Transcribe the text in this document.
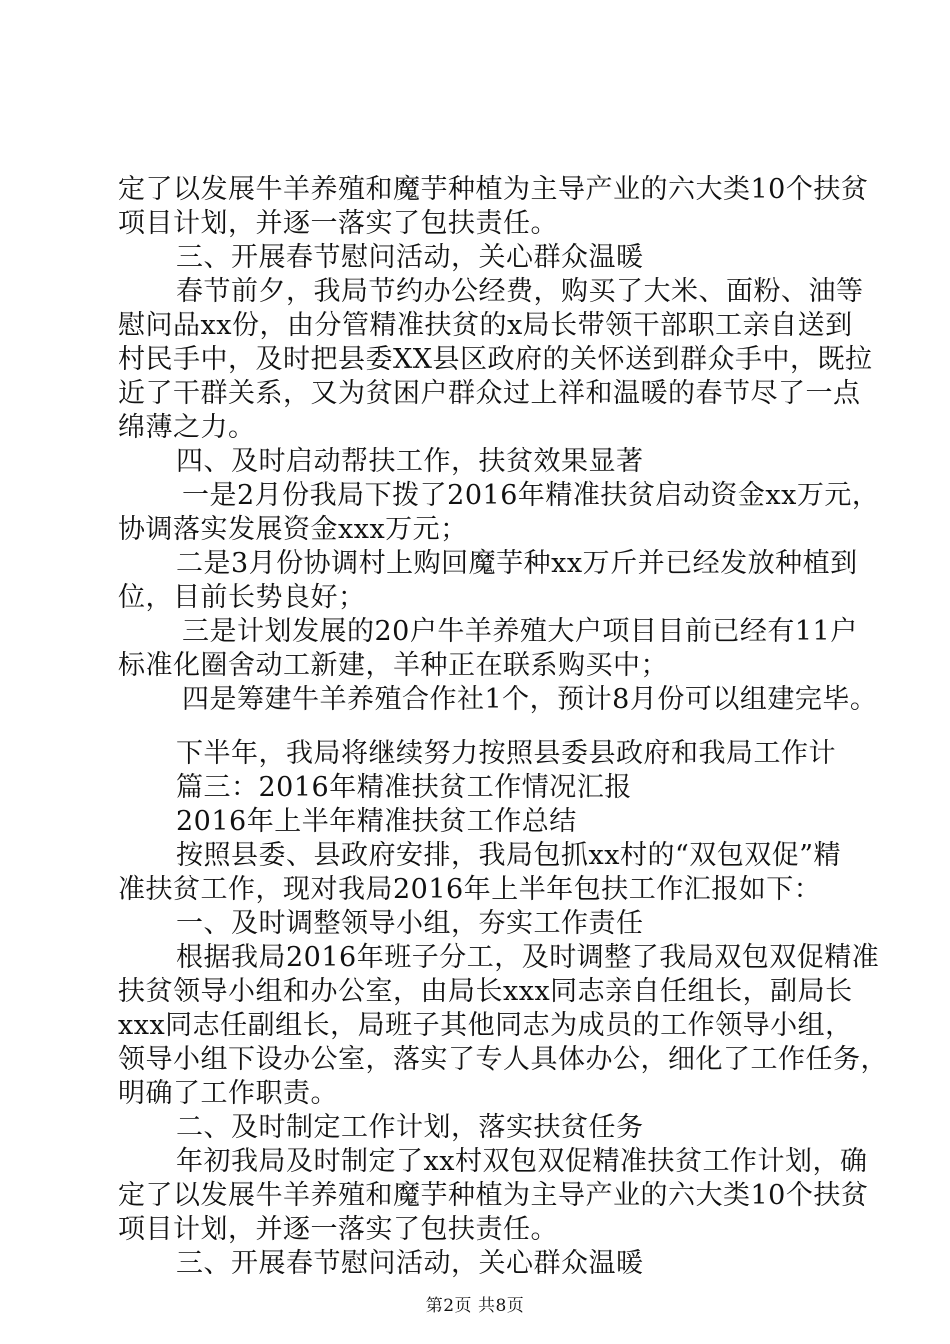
定了以发展牛羊养殖和魔芋种植为主导产业的六大类10个扶贫
项目计划，并逐一落实了包扶责任。
三、开展春节慰问活动，关心群众温暖
春节前夕，我局节约办公经费，购买了大米、面粉、油等
慰问品xx份，由分管精准扶贫的x局长带领干部职工亲自送到
村民手中，及时把县委XX县区政府的关怀送到群众手中，既拉
近了干群关系，又为贫困户群众过上祥和温暖的春节尽了一点
绵薄之力。
四、及时启动帮扶工作，扶贫效果显著
一是2月份我局下拨了2016年精准扶贫启动资金xx万元，
协调落实发展资金xxx万元；
二是3月份协调村上购回魔芋种xx万斤并已经发放种植到
位，目前长势良好；
三是计划发展的20户牛羊养殖大户项目目前已经有11户
标准化圈舍动工新建，羊种正在联系购买中；
四是筹建牛羊养殖合作社1个，预计8月份可以组建完毕。
下半年，我局将继续努力按照县委县政府和我局工作计
篇三：2016年精准扶贫工作情况汇报
2016年上半年精准扶贫工作总结
按照县委、县政府安排，我局包抓xx村的“双包双促”精
准扶贫工作，现对我局2016年上半年包扶工作汇报如下：
一、及时调整领导小组，夯实工作责任
根据我局2016年班子分工，及时调整了我局双包双促精准
扶贫领导小组和办公室，由局长xxx同志亲自任组长，副局长
xxx同志任副组长，局班子其他同志为成员的工作领导小组，
领导小组下设办公室，落实了专人具体办公，细化了工作任务，
明确了工作职责。
二、及时制定工作计划，落实扶贫任务
年初我局及时制定了xx村双包双促精准扶贫工作计划，确
定了以发展牛羊养殖和魔芋种植为主导产业的六大类10个扶贫
项目计划，并逐一落实了包扶责任。
三、开展春节慰问活动，关心群众温暖
第2页 共8页
